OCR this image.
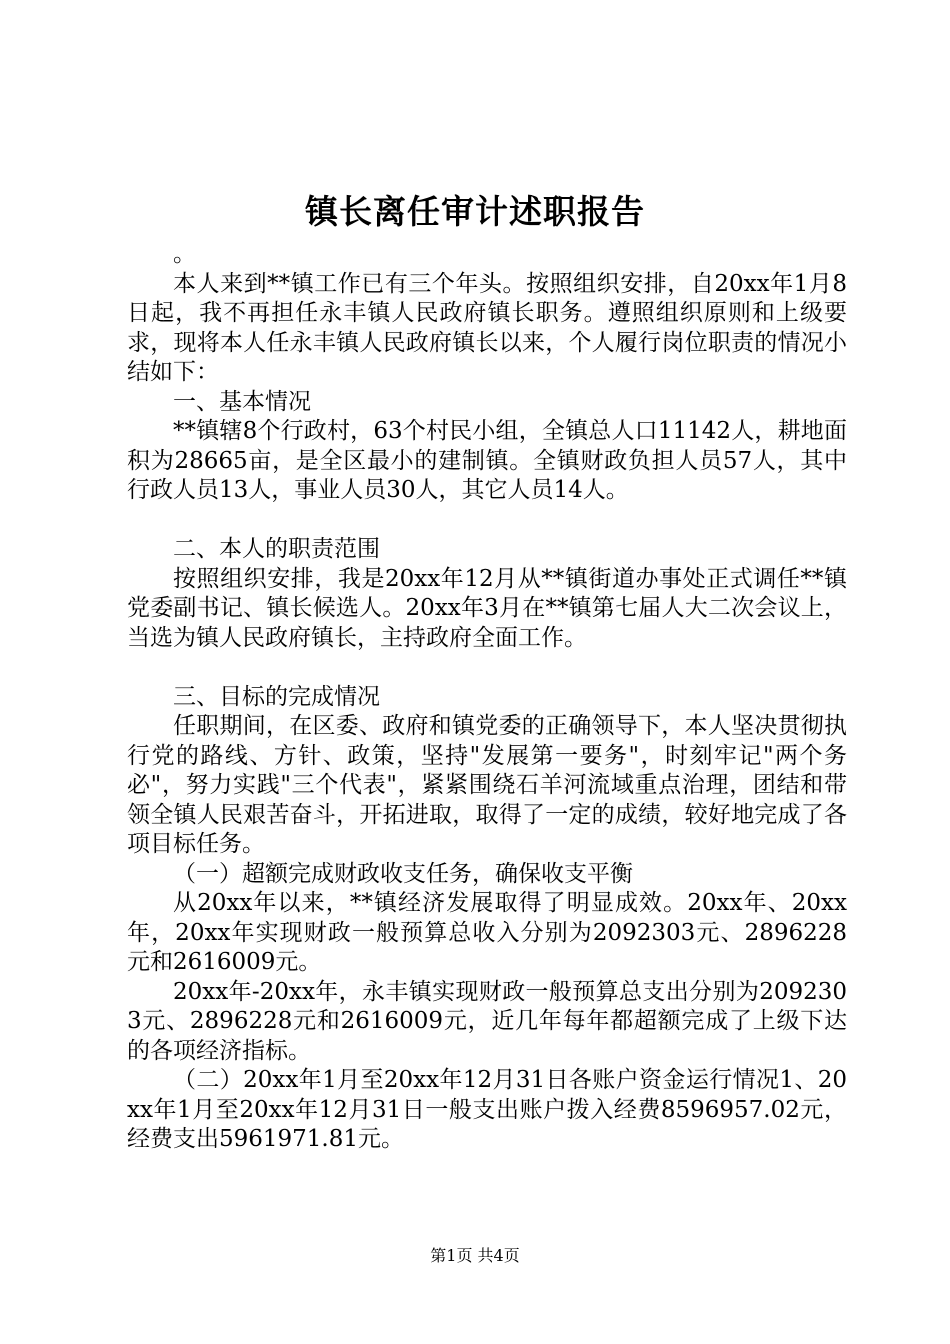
镇长离任审计述职报告

。

本人来到**镇工作已有三个年头。按照组织安排，自20xx年1月8日起，我不再担任永丰镇人民政府镇长职务。遵照组织原则和上级要求，现将本人任永丰镇人民政府镇长以来，个人履行岗位职责的情况小结如下：

一、基本情况

**镇辖8个行政村，63个村民小组，全镇总人口11142人，耕地面积为28665亩，是全区最小的建制镇。全镇财政负担人员57人，其中行政人员13人，事业人员30人，其它人员14人。

二、本人的职责范围

按照组织安排，我是20xx年12月从**镇街道办事处正式调任**镇党委副书记、镇长候选人。20xx年3月在**镇第七届人大二次会议上，当选为镇人民政府镇长，主持政府全面工作。

三、目标的完成情况

任职期间，在区委、政府和镇党委的正确领导下，本人坚决贯彻执行党的路线、方针、政策，坚持"发展第一要务"，时刻牢记"两个务必"，努力实践"三个代表"，紧紧围绕石羊河流域重点治理，团结和带领全镇人民艰苦奋斗，开拓进取，取得了一定的成绩，较好地完成了各项目标任务。

（一）超额完成财政收支任务，确保收支平衡

从20xx年以来，**镇经济发展取得了明显成效。20xx年、20xx年，20xx年实现财政一般预算总收入分别为2092303元、2896228元和2616009元。

20xx年-20xx年，永丰镇实现财政一般预算总支出分别为2092303元、2896228元和2616009元，近几年每年都超额完成了上级下达的各项经济指标。

（二）20xx年1月至20xx年12月31日各账户资金运行情况1、20xx年1月至20xx年12月31日一般支出账户拨入经费8596957.02元，经费支出5961971.81元。

第1页 共4页
